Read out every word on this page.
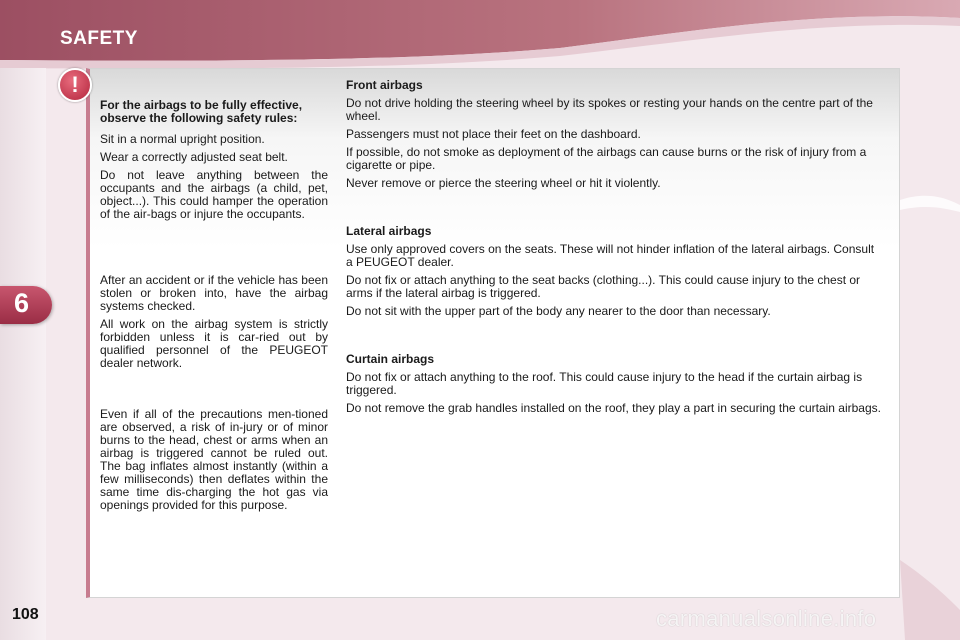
SAFETY
6
!

For the airbags to be fully effective, observe the following safety rules:

Sit in a normal upright position.

Wear a correctly adjusted seat belt.

Do not leave anything between the occupants and the airbags (a child, pet, object...). This could hamper the operation of the air-bags or injure the occupants.

After an accident or if the vehicle has been stolen or broken into, have the airbag systems checked.

All work on the airbag system is strictly forbidden unless it is car-ried out by qualified personnel of the PEUGEOT dealer network.

Even if all of the precautions men-tioned are observed, a risk of in-jury or of minor burns to the head, chest or arms when an airbag is triggered cannot be ruled out. The bag inflates almost instantly (within a few milliseconds) then deflates within the same time dis-charging the hot gas via openings provided for this purpose.

Front airbags

Do not drive holding the steering wheel by its spokes or resting your hands on the centre part of the wheel.

Passengers must not place their feet on the dashboard.

If possible, do not smoke as deployment of the airbags can cause burns or the risk of injury from a cigarette or pipe.

Never remove or pierce the steering wheel or hit it violently.

Lateral airbags

Use only approved covers on the seats. These will not hinder inflation of the lateral airbags. Consult a PEUGEOT dealer.

Do not fix or attach anything to the seat backs (clothing...). This could cause injury to the chest or arms if the lateral airbag is triggered.

Do not sit with the upper part of the body any nearer to the door than necessary.

Curtain airbags

Do not fix or attach anything to the roof. This could cause injury to the head if the curtain airbag is triggered.

Do not remove the grab handles installed on the roof, they play a part in securing the curtain airbags.

108	carmanualsonline.info
